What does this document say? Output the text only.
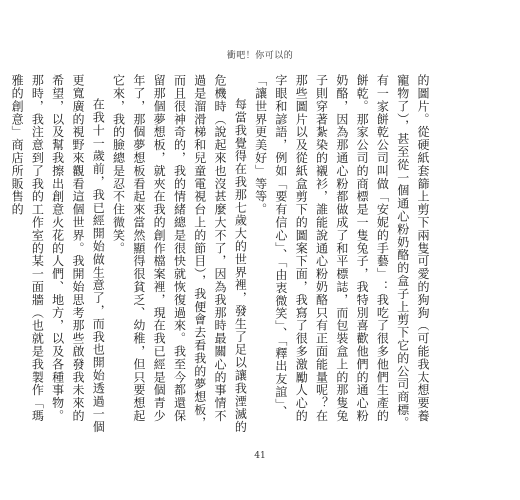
衝吧！你可以的

的圖片。從硬紙套篩上剪下兩隻可愛的狗狗（可能我太想要養寵物了），甚至從一個通心粉奶酪的盒子上剪下它的公司商標。有一家餅乾公司叫做「安妮的手藝」：我吃了很多他們生產的餅乾。那家公司的商標是一隻兔子，我特別喜歡他們的通心粉奶酪，因為那通心粉都做成了和平標誌，而包裝盒上的那隻兔子則穿著紮染的襯衫，誰能說通心粉奶酪只有正面能量呢？在那些圖片以及從紙盒剪下的圖案下面，我寫了很多激勵人心的字眼和諺語，例如「要有信心」、「由衷微笑」、「釋出友誼」、「讓世界更美好」等等。

每當我覺得在我那七歲大的世界裡，發生了足以讓我湮滅的危機時（說起來也沒甚麼大不了，因為我那時最關心的事情不過是溜滑梯和兒童電視台上的節目），我便會去看我的夢想板，而且很神奇的，我的情緒總是很快就恢復過來。我至今都還保留那個夢想板，就夾在我的創作檔案裡，現在我已經是個青少年了，那個夢想板看起來當然顯得很貧乏、幼稚，但只要想起它來，我的臉總是忍不住微笑。

在我十一歲前，我已經開始做生意了，而我也開始透過一個更寬廣的視野來觀看這個世界。我開始思考那些啟發我未來的希望，以及幫我擦出創意火花的人們、地方，以及各種事物。那時，我注意到了我的工作室的某一面牆（也就是我製作「瑪雅的創意」商店所販售的

41
